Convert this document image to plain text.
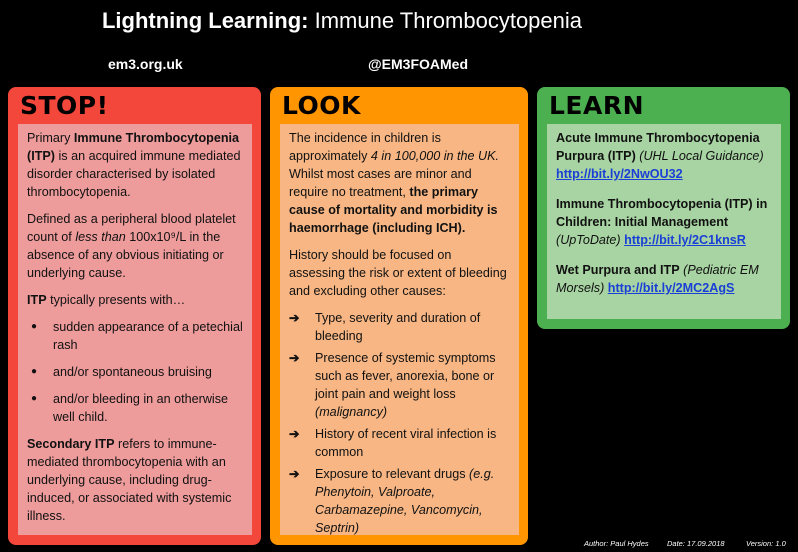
Lightning Learning: Immune Thrombocytopenia
em3.org.uk	@EM3FOAMed
STOP!

Primary Immune Thrombocytopenia (ITP) is an acquired immune mediated disorder characterised by isolated thrombocytopenia.

Defined as a peripheral blood platelet count of less than 100x10⁹/L in the absence of any obvious initiating or underlying cause.

ITP typically presents with…

● sudden appearance of a petechial rash
● and/or spontaneous bruising
● and/or bleeding in an otherwise well child.

Secondary ITP refers to immune-mediated thrombocytopenia with an underlying cause, including drug-induced, or associated with systemic illness.

LOOK

The incidence in children is approximately 4 in 100,000 in the UK. Whilst most cases are minor and require no treatment, the primary cause of mortality and morbidity is haemorrhage (including ICH).

History should be focused on assessing the risk or extent of bleeding and excluding other causes:

➔ Type, severity and duration of bleeding
➔ Presence of systemic symptoms such as fever, anorexia, bone or joint pain and weight loss (malignancy)
➔ History of recent viral infection is common
➔ Exposure to relevant drugs (e.g. Phenytoin, Valproate, Carbamazepine, Vancomycin, Septrin)
LEARN

Acute Immune Thrombocytopenia Purpura (ITP) (UHL Local Guidance) http://bit.ly/2NwOU32

Immune Thrombocytopenia (ITP) in Children: Initial Management (UpToDate) http://bit.ly/2C1knsR

Wet Purpura and ITP (Pediatric EM Morsels) http://bit.ly/2MC2AgS

Author: Paul Hydes Date: 17.09.2018	Version: 1.0
